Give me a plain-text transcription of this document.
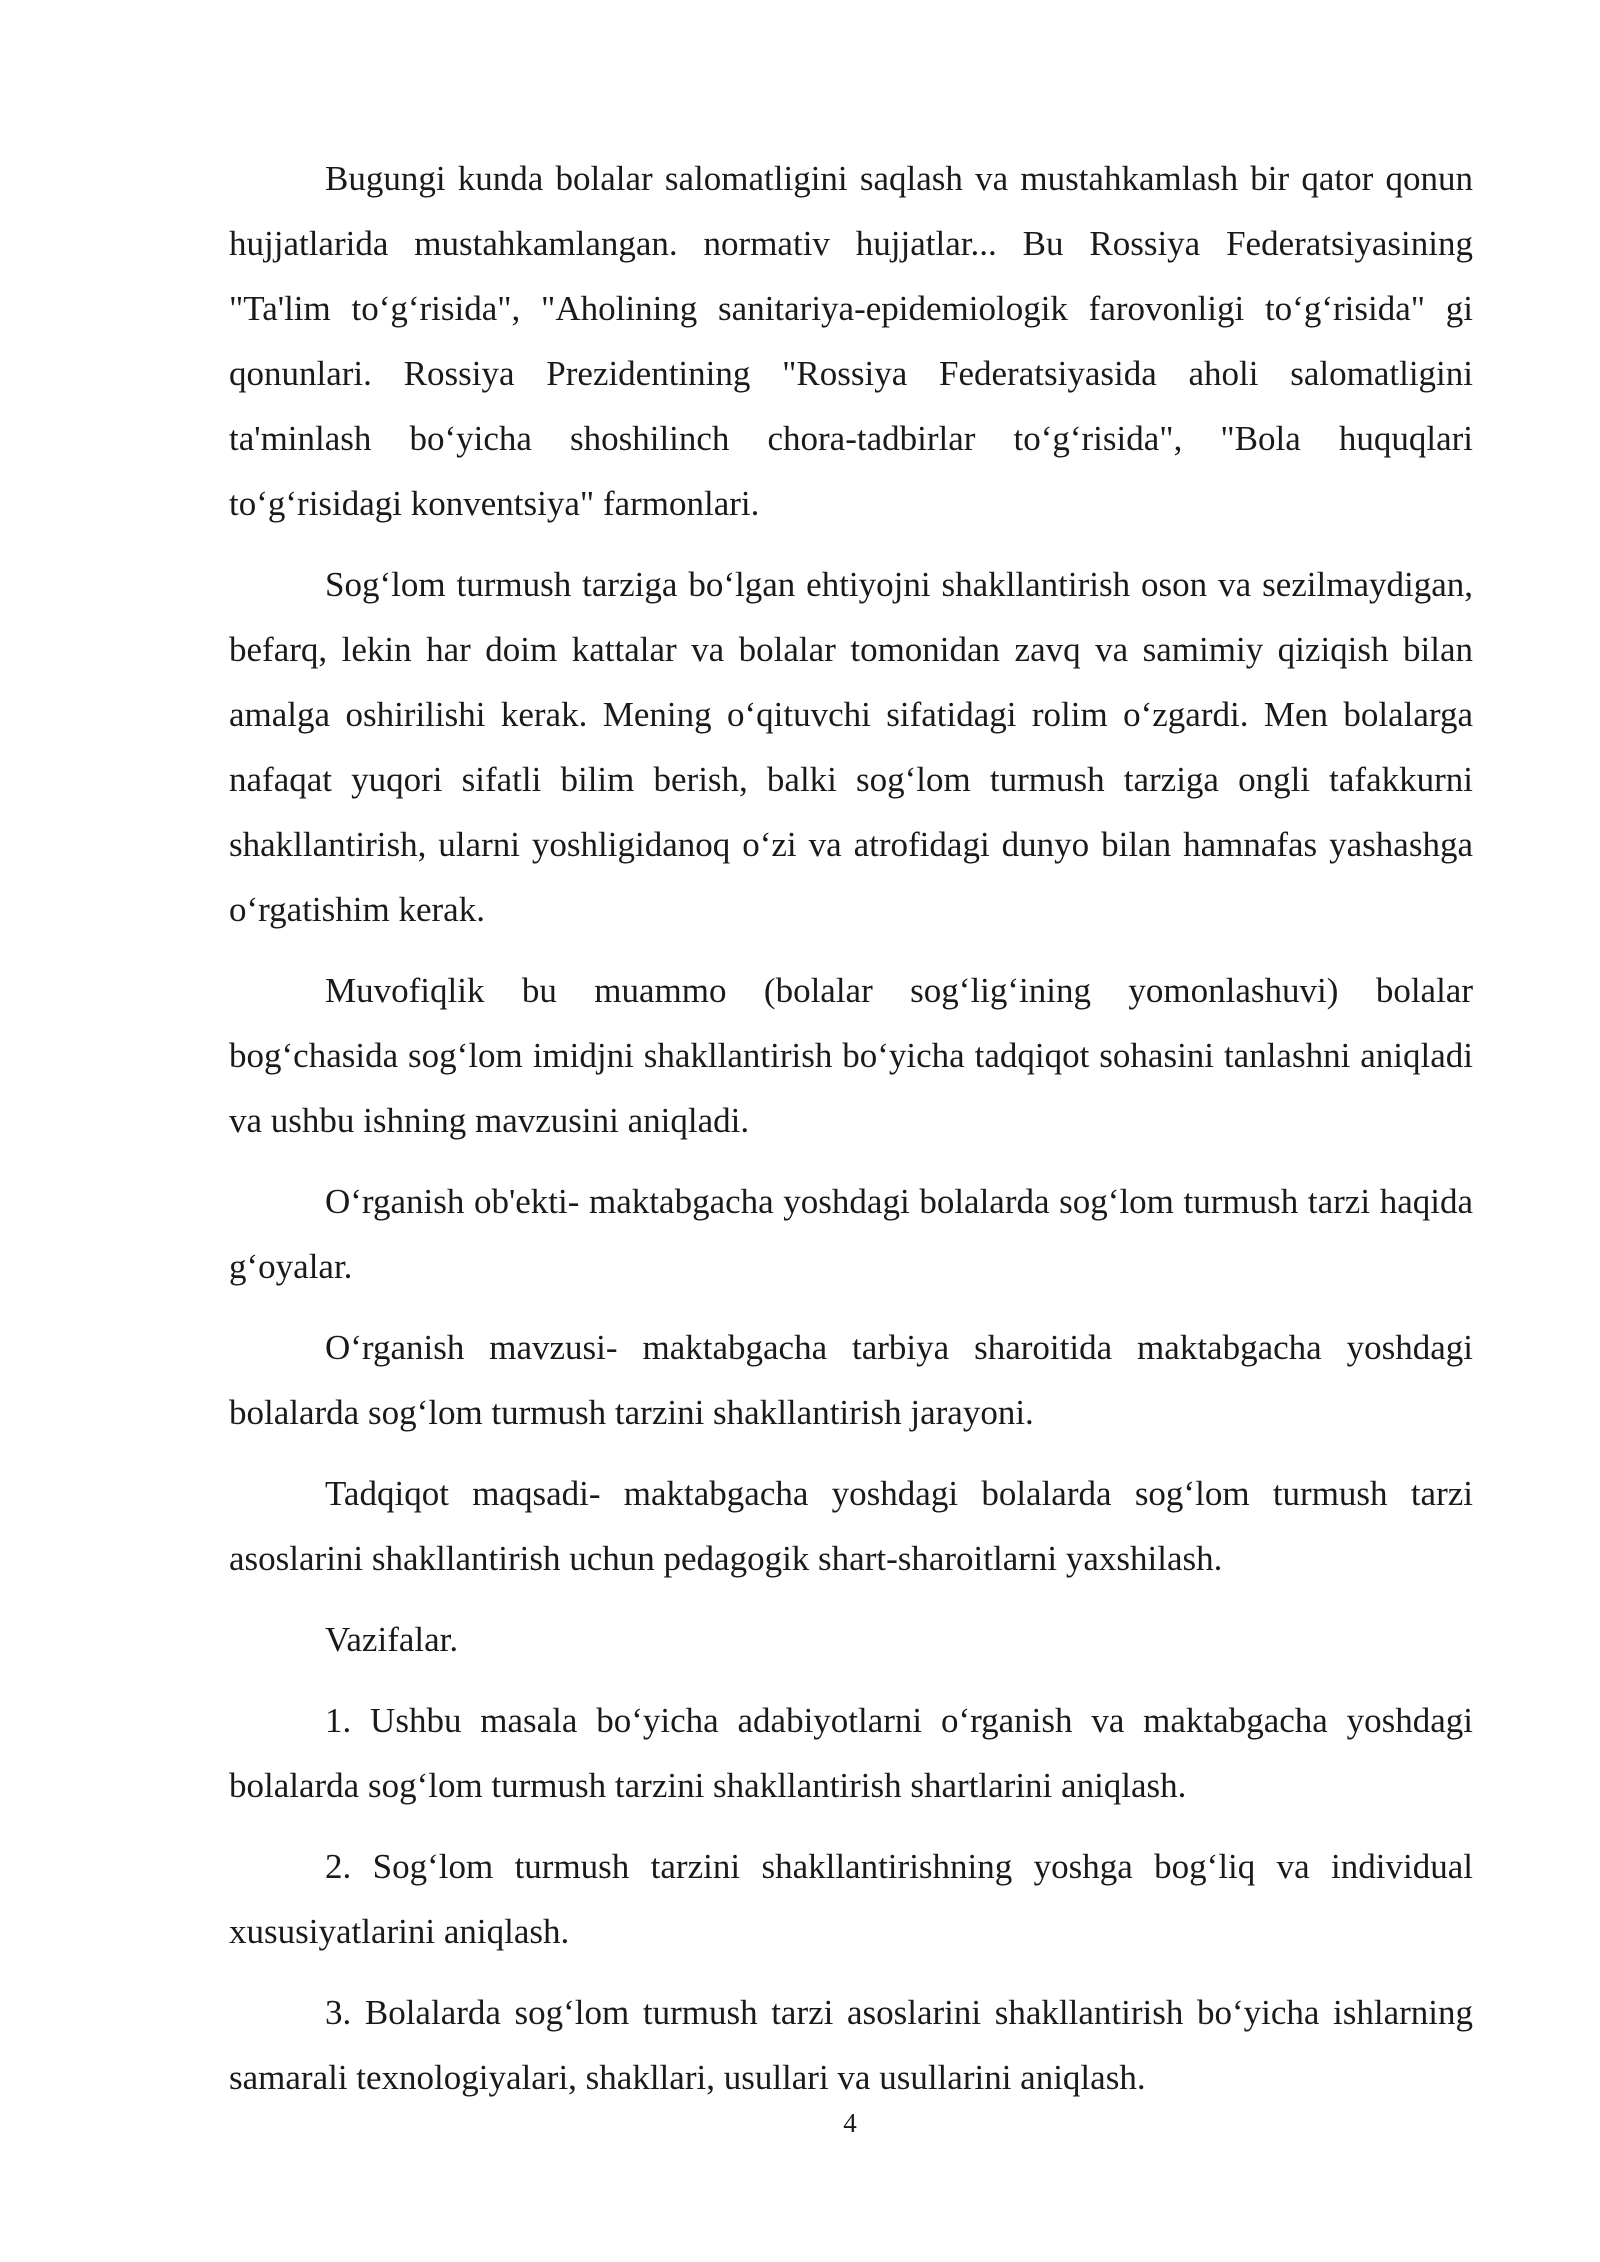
Bugungi kunda bolalar salomatligini saqlash va mustahkamlash bir qator qonun hujjatlarida mustahkamlangan. normativ hujjatlar... Bu Rossiya Federatsiyasining "Ta'lim to‘g‘risida", "Aholining sanitariya-epidemiologik farovonligi to‘g‘risida" gi qonunlari. Rossiya Prezidentining "Rossiya Federatsiyasida aholi salomatligini ta'minlash bo‘yicha shoshilinch chora-tadbirlar to‘g‘risida", "Bola huquqlari to‘g‘risidagi konventsiya" farmonlari.

Sog‘lom turmush tarziga bo‘lgan ehtiyojni shakllantirish oson va sezilmaydigan, befarq, lekin har doim kattalar va bolalar tomonidan zavq va samimiy qiziqish bilan amalga oshirilishi kerak. Mening o‘qituvchi sifatidagi rolim o‘zgardi. Men bolalarga nafaqat yuqori sifatli bilim berish, balki sog‘lom turmush tarziga ongli tafakkurni shakllantirish, ularni yoshligidanoq o‘zi va atrofidagi dunyo bilan hamnafas yashashga o‘rgatishim kerak.

Muvofiqlik bu muammo (bolalar sog‘lig‘ining yomonlashuvi) bolalar bog‘chasida sog‘lom imidjni shakllantirish bo‘yicha tadqiqot sohasini tanlashni aniqladi va ushbu ishning mavzusini aniqladi.

O‘rganish ob'ekti- maktabgacha yoshdagi bolalarda sog‘lom turmush tarzi haqida g‘oyalar.

O‘rganish mavzusi- maktabgacha tarbiya sharoitida maktabgacha yoshdagi bolalarda sog‘lom turmush tarzini shakllantirish jarayoni.

Tadqiqot maqsadi- maktabgacha yoshdagi bolalarda sog‘lom turmush tarzi asoslarini shakllantirish uchun pedagogik shart-sharoitlarni yaxshilash.

Vazifalar.

1. Ushbu masala bo‘yicha adabiyotlarni o‘rganish va maktabgacha yoshdagi bolalarda sog‘lom turmush tarzini shakllantirish shartlarini aniqlash.

2. Sog‘lom turmush tarzini shakllantirishning yoshga bog‘liq va individual xususiyatlarini aniqlash.

3. Bolalarda sog‘lom turmush tarzi asoslarini shakllantirish bo‘yicha ishlarning samarali texnologiyalari, shakllari, usullari va usullarini aniqlash.

4
